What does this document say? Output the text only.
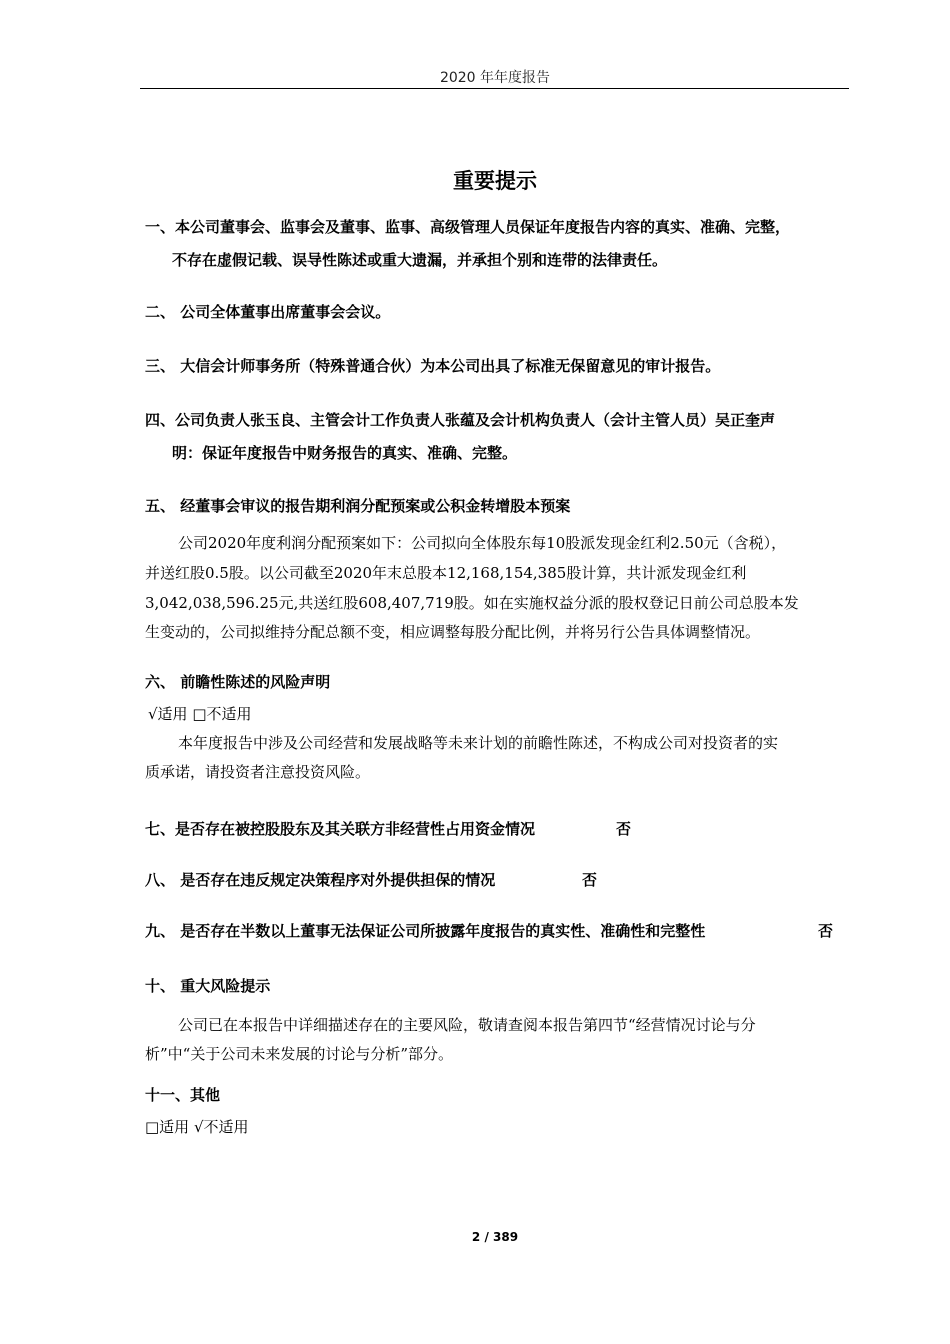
2020 年年度报告
重要提示
一、本公司董事会、监事会及董事、监事、高级管理人员保证年度报告内容的真实、准确、完整，
不存在虚假记载、误导性陈述或重大遗漏，并承担个别和连带的法律责任。
二、 公司全体董事出席董事会会议。
三、 大信会计师事务所（特殊普通合伙）为本公司出具了标准无保留意见的审计报告。
四、公司负责人张玉良、主管会计工作负责人张蕴及会计机构负责人（会计主管人员）吴正奎声
明：保证年度报告中财务报告的真实、准确、完整。
五、 经董事会审议的报告期利润分配预案或公积金转增股本预案
公司2020年度利润分配预案如下：公司拟向全体股东每10股派发现金红利2.50元（含税），
并送红股0.5股。以公司截至2020年末总股本12,168,154,385股计算，共计派发现金红利
3,042,038,596.25元,共送红股608,407,719股。如在实施权益分派的股权登记日前公司总股本发
生变动的，公司拟维持分配总额不变，相应调整每股分配比例，并将另行公告具体调整情况。
六、 前瞻性陈述的风险声明
√适用 □不适用
本年度报告中涉及公司经营和发展战略等未来计划的前瞻性陈述，不构成公司对投资者的实
质承诺，请投资者注意投资风险。
七、是否存在被控股股东及其关联方非经营性占用资金情况	否
八、 是否存在违反规定决策程序对外提供担保的情况	否
九、 是否存在半数以上董事无法保证公司所披露年度报告的真实性、准确性和完整性	否
十、 重大风险提示
公司已在本报告中详细描述存在的主要风险，敬请查阅本报告第四节“经营情况讨论与分
析”中“关于公司未来发展的讨论与分析”部分。
十一、其他
□适用 √不适用
2 / 389
